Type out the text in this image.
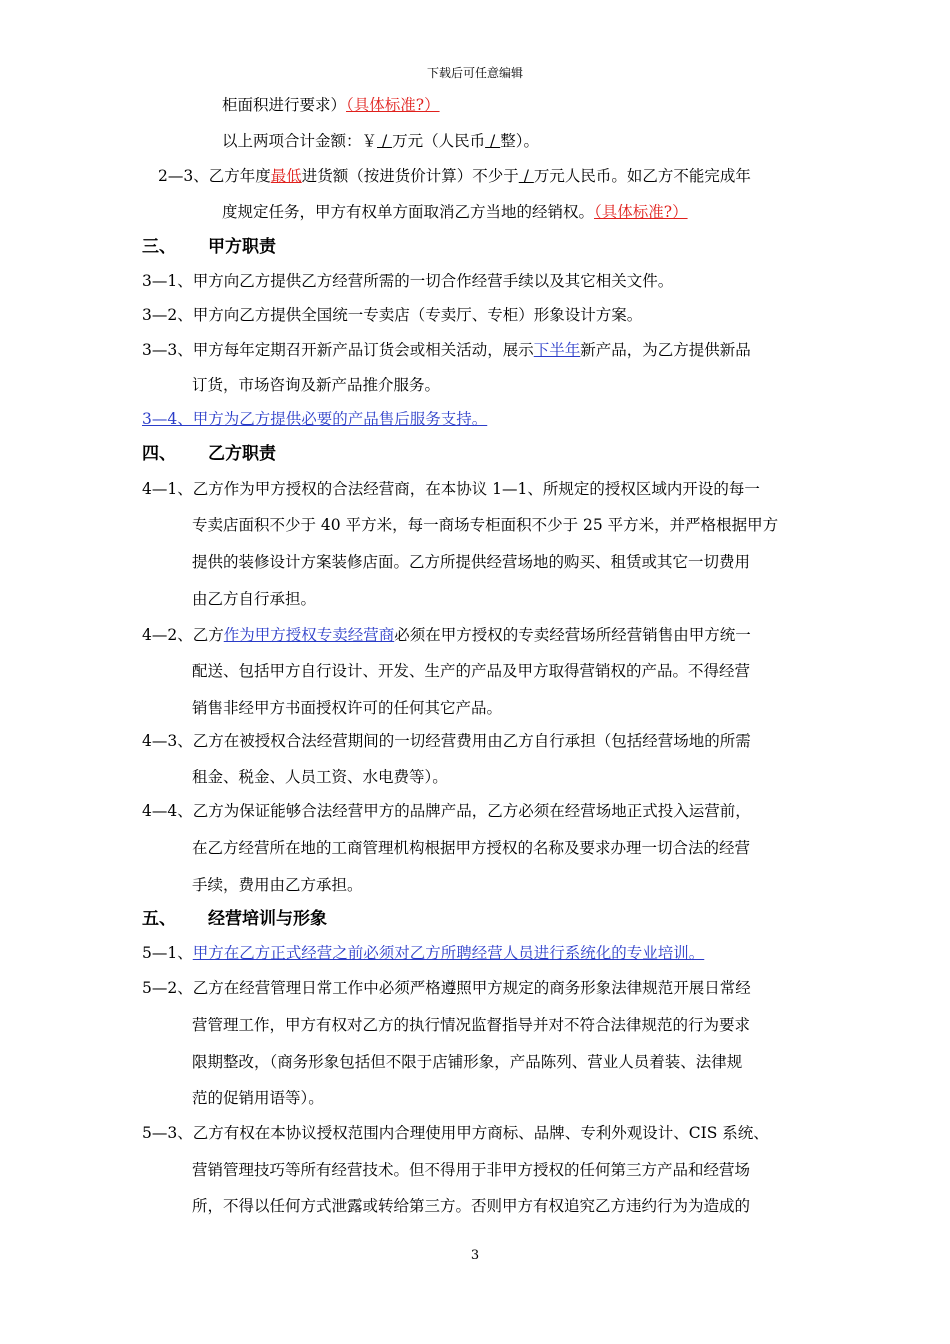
下载后可任意编辑
柜面积进行要求）（具体标准?）
以上两项合计金额：￥ / 万元（人民币 / 整）。
2—3、乙方年度最低进货额（按进货价计算）不少于 / 万元人民币。如乙方不能完成年
度规定任务，甲方有权单方面取消乙方当地的经销权。（具体标准?）
三、 甲方职责
3—1、甲方向乙方提供乙方经营所需的一切合作经营手续以及其它相关文件。
3—2、甲方向乙方提供全国统一专卖店（专卖厅、专柜）形象设计方案。
3—3、甲方每年定期召开新产品订货会或相关活动，展示下半年新产品，为乙方提供新品
订货，市场咨询及新产品推介服务。
3—4、甲方为乙方提供必要的产品售后服务支持。
四、 乙方职责
4—1、乙方作为甲方授权的合法经营商，在本协议 1—1、所规定的授权区域内开设的每一
专卖店面积不少于 40 平方米，每一商场专柜面积不少于 25 平方米，并严格根据甲方
提供的装修设计方案装修店面。乙方所提供经营场地的购买、租赁或其它一切费用
由乙方自行承担。
4—2、乙方作为甲方授权专卖经营商必须在甲方授权的专卖经营场所经营销售由甲方统一
配送、包括甲方自行设计、开发、生产的产品及甲方取得营销权的产品。不得经营
销售非经甲方书面授权许可的任何其它产品。
4—3、乙方在被授权合法经营期间的一切经营费用由乙方自行承担（包括经营场地的所需
租金、税金、人员工资、水电费等）。
4—4、乙方为保证能够合法经营甲方的品牌产品，乙方必须在经营场地正式投入运营前，
在乙方经营所在地的工商管理机构根据甲方授权的名称及要求办理一切合法的经营
手续，费用由乙方承担。
五、 经营培训与形象
5—1、甲方在乙方正式经营之前必须对乙方所聘经营人员进行系统化的专业培训。
5—2、乙方在经营管理日常工作中必须严格遵照甲方规定的商务形象法律规范开展日常经
营管理工作，甲方有权对乙方的执行情况监督指导并对不符合法律规范的行为要求
限期整改，（商务形象包括但不限于店铺形象，产品陈列、营业人员着装、法律规
范的促销用语等）。
5—3、乙方有权在本协议授权范围内合理使用甲方商标、品牌、专利外观设计、CIS 系统、
营销管理技巧等所有经营技术。但不得用于非甲方授权的任何第三方产品和经营场
所，不得以任何方式泄露或转给第三方。否则甲方有权追究乙方违约行为为造成的
3
